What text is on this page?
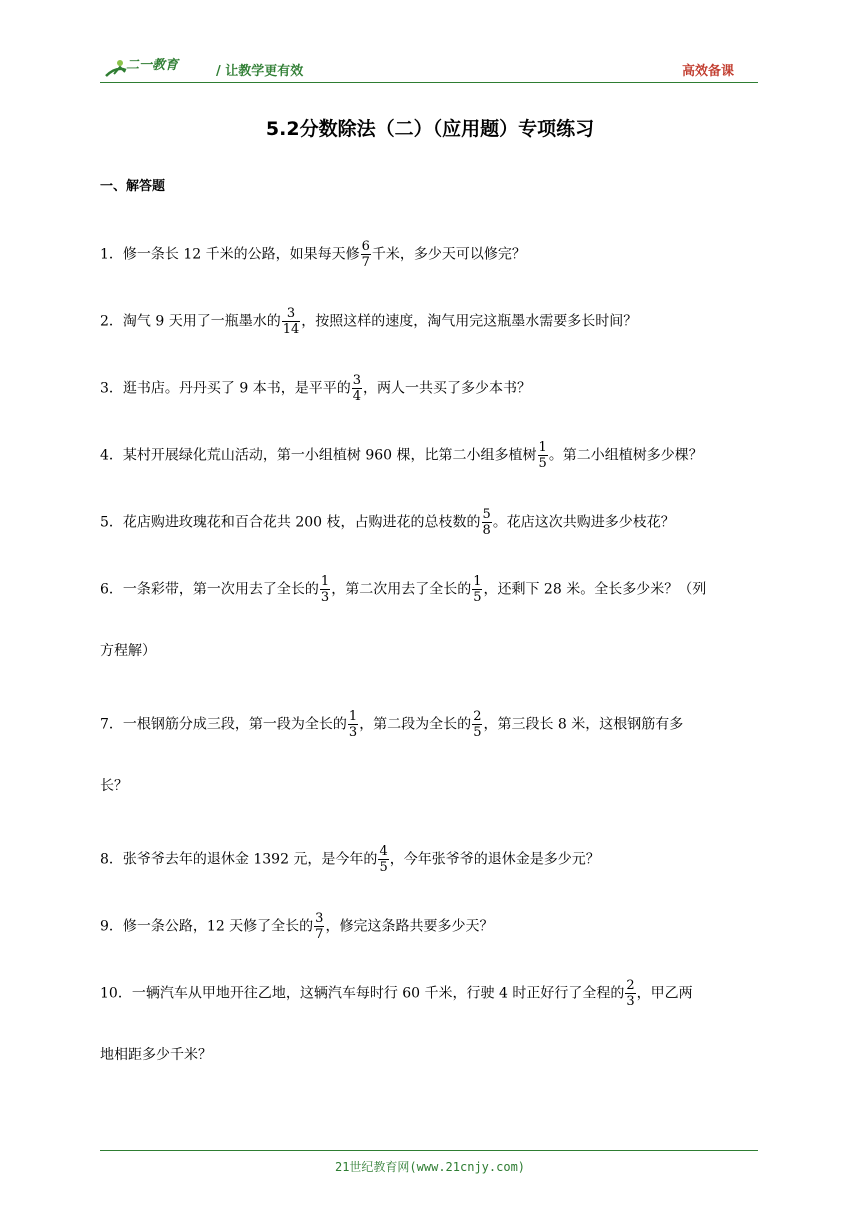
二一教育	/ 让教学更有效	高效备课
5.2分数除法（二）（应用题）专项练习
一、解答题
1．修一条长 12 千米的公路，如果每天修 $\frac{6}{7}$ 千米，多少天可以修完？
2．淘气 9 天用了一瓶墨水的 $\frac{3}{14}$ ，按照这样的速度，淘气用完这瓶墨水需要多长时间？
3．逛书店。丹丹买了 9 本书，是平平的 $\frac{3}{4}$ ，两人一共买了多少本书？
4．某村开展绿化荒山活动，第一小组植树 960 棵，比第二小组多植树 $\frac{1}{5}$ 。第二小组植树多少棵？
5．花店购进玫瑰花和百合花共 200 枝，占购进花的总枝数的 $\frac{5}{8}$ 。花店这次共购进多少枝花？
6．一条彩带，第一次用去了全长的 $\frac{1}{3}$ ，第二次用去了全长的 $\frac{1}{5}$ ，还剩下 28 米。全长多少米？（列
方程解）
7．一根钢筋分成三段，第一段为全长的 $\frac{1}{3}$ ，第二段为全长的 $\frac{2}{5}$ ，第三段长 8 米，这根钢筋有多
长？
8．张爷爷去年的退休金 1392 元，是今年的 $\frac{4}{5}$ ，今年张爷爷的退休金是多少元？
9．修一条公路，12 天修了全长的 $\frac{3}{7}$ ，修完这条路共要多少天？
10．一辆汽车从甲地开往乙地，这辆汽车每时行 60 千米，行驶 4 时正好行了全程的 $\frac{2}{3}$ ，甲乙两
地相距多少千米？
21世纪教育网(www.21cnjy.com)
